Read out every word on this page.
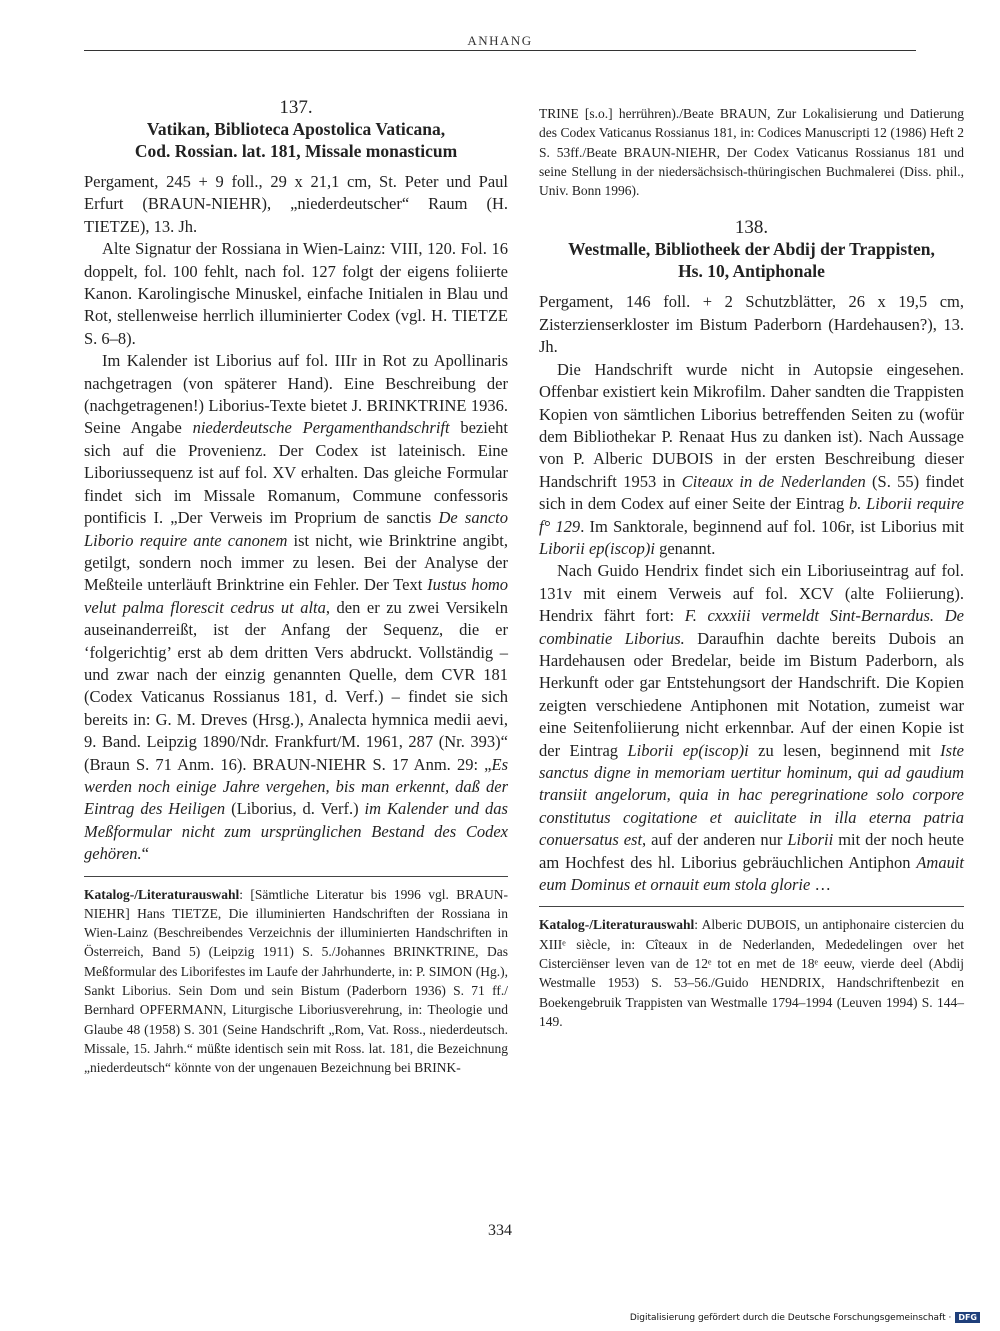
ANHANG
137.
Vatikan, Biblioteca Apostolica Vaticana,
Cod. Rossian. lat. 181, Missale monasticum

Pergament, 245 + 9 foll., 29 x 21,1 cm, St. Peter und Paul Erfurt (BRAUN-NIEHR), „niederdeutscher“ Raum (H. TIETZE), 13. Jh.

Alte Signatur der Rossiana in Wien-Lainz: VIII, 120. Fol. 16 doppelt, fol. 100 fehlt, nach fol. 127 folgt der eigens foliierte Kanon. Karolingische Minuskel, einfache Initialen in Blau und Rot, stellenweise herrlich illuminierter Codex (vgl. H. TIETZE S. 6–8).

Im Kalender ist Liborius auf fol. IIIr in Rot zu Apollinaris nachgetragen (von späterer Hand). Eine Beschreibung der (nachgetragenen!) Liborius-Texte bietet J. BRINKTRINE 1936. Seine Angabe niederdeutsche Pergamenthandschrift bezieht sich auf die Provenienz. Der Codex ist lateinisch. Eine Liboriussequenz ist auf fol. XV erhalten. Das gleiche Formular findet sich im Missale Romanum, Commune confessoris pontificis I. „Der Verweis im Proprium de sanctis De sancto Liborio require ante canonem ist nicht, wie Brinktrine angibt, getilgt, sondern noch immer zu lesen. Bei der Analyse der Meßteile unterläuft Brinktrine ein Fehler. Der Text Iustus homo velut palma florescit cedrus ut alta, den er zu zwei Versikeln auseinanderreißt, ist der Anfang der Sequenz, die er ‘folgerichtig’ erst ab dem dritten Vers abdruckt. Vollständig – und zwar nach der einzig genannten Quelle, dem CVR 181 (Codex Vaticanus Rossianus 181, d. Verf.) – findet sie sich bereits in: G. M. Dreves (Hrsg.), Analecta hymnica medii aevi, 9. Band. Leipzig 1890/Ndr. Frankfurt/M. 1961, 287 (Nr. 393)“ (Braun S. 71 Anm. 16). BRAUN-NIEHR S. 17 Anm. 29: „Es werden noch einige Jahre vergehen, bis man erkennt, daß der Eintrag des Heiligen (Liborius, d. Verf.) im Kalender und das Meßformular nicht zum ursprünglichen Bestand des Codex gehören.“

Katalog-/Literaturauswahl: [Sämtliche Literatur bis 1996 vgl. BRAUN-NIEHR] Hans TIETZE, Die illuminierten Handschriften der Rossiana in Wien-Lainz (Beschreibendes Verzeichnis der illuminierten Handschriften in Österreich, Band 5) (Leipzig 1911) S. 5./Johannes BRINKTRINE, Das Meßformular des Liborifestes im Laufe der Jahrhunderte, in: P. SIMON (Hg.), Sankt Liborius. Sein Dom und sein Bistum (Paderborn 1936) S. 71 ff./ Bernhard OPFERMANN, Liturgische Liboriusverehrung, in: Theologie und Glaube 48 (1958) S. 301 (Seine Handschrift „Rom, Vat. Ross., niederdeutsch. Missale, 15. Jahrh.“ müßte identisch sein mit Ross. lat. 181, die Bezeichnung „niederdeutsch“ könnte von der ungenauen Bezeichnung bei BRINK-

TRINE [s.o.] herrühren)./Beate BRAUN, Zur Lokalisierung und Datierung des Codex Vaticanus Rossianus 181, in: Codices Manuscripti 12 (1986) Heft 2 S. 53ff./Beate BRAUN-NIEHR, Der Codex Vaticanus Rossianus 181 und seine Stellung in der niedersächsisch-thüringischen Buchmalerei (Diss. phil., Univ. Bonn 1996).

138.
Westmalle, Bibliotheek der Abdij der Trappisten,
Hs. 10, Antiphonale

Pergament, 146 foll. + 2 Schutzblätter, 26 x 19,5 cm, Zisterzienserkloster im Bistum Paderborn (Hardehausen?), 13. Jh.

Die Handschrift wurde nicht in Autopsie eingesehen. Offenbar existiert kein Mikrofilm. Daher sandten die Trappisten Kopien von sämtlichen Liborius betreffenden Seiten zu (wofür dem Bibliothekar P. Renaat Hus zu danken ist). Nach Aussage von P. Alberic DUBOIS in der ersten Beschreibung dieser Handschrift 1953 in Citeaux in de Nederlanden (S. 55) findet sich in dem Codex auf einer Seite der Eintrag b. Liborii require f° 129. Im Sanktorale, beginnend auf fol. 106r, ist Liborius mit Liborii ep(iscop)i genannt.

Nach Guido Hendrix findet sich ein Liboriuseintrag auf fol. 131v mit einem Verweis auf fol. XCV (alte Foliierung). Hendrix fährt fort: F. cxxxiii vermeldt Sint-Bernardus. De combinatie Liborius. Daraufhin dachte bereits Dubois an Hardehausen oder Bredelar, beide im Bistum Paderborn, als Herkunft oder gar Entstehungsort der Handschrift. Die Kopien zeigten verschiedene Antiphonen mit Notation, zumeist war eine Seitenfoliierung nicht erkennbar. Auf der einen Kopie ist der Eintrag Liborii ep(iscop)i zu lesen, beginnend mit Iste sanctus digne in memoriam uertitur hominum, qui ad gaudium transiit angelorum, quia in hac peregrinatione solo corpore constitutus cogitatione et auiclitate in illa eterna patria conuersatus est, auf der anderen nur Liborii mit der noch heute am Hochfest des hl. Liborius gebräuchlichen Antiphon Amauit eum Dominus et ornauit eum stola glorie …

Katalog-/Literaturauswahl: Alberic DUBOIS, un antiphonaire cistercien du XIIIᵉ siècle, in: Cîteaux in de Nederlanden, Mededelingen over het Cisterciënser leven van de 12ᵉ tot en met de 18ᵉ eeuw, vierde deel (Abdij Westmalle 1953) S. 53–56./Guido HENDRIX, Handschriftenbezit en Boekengebruik Trappisten van Westmalle 1794–1994 (Leuven 1994) S. 144–149.

334
Digitalisierung gefördert durch die Deutsche Forschungsgemeinschaft · DFG
